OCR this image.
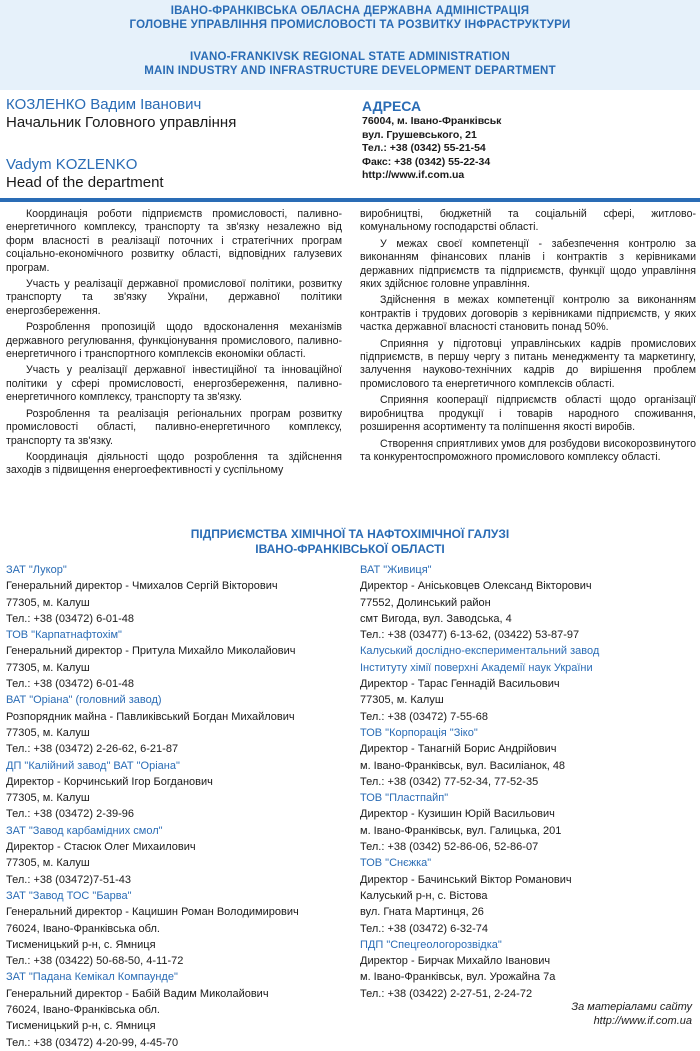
ІВАНО-ФРАНКІВСЬКА ОБЛАСНА ДЕРЖАВНА АДМІНІСТРАЦІЯ
ГОЛОВНЕ УПРАВЛІННЯ ПРОМИСЛОВОСТІ ТА РОЗВИТКУ ІНФРАСТРУКТУРИ
IVANO-FRANKIVSK REGIONAL STATE ADMINISTRATION
MAIN INDUSTRY AND INFRASTRUCTURE DEVELOPMENT DEPARTMENT
КОЗЛЕНКО Вадим Іванович
Начальник Головного управління
Vadym KOZLENKO
Head of the department
АДРЕСА
76004, м. Івано-Франківськ
вул. Грушевського, 21
Тел.: +38 (0342) 55-21-54
Факс: +38 (0342) 55-22-34
http://www.if.com.ua

Координація роботи підприємств промисловості, паливно-енергетичного комплексу, транспорту та зв'язку незалежно від форм власності в реалізації поточних і стратегічних програм соціально-економічного розвитку області, відповідних галузевих програм.

Участь у реалізації державної промислової політики, розвитку транспорту та зв'язку України, державної політики енергозбереження.

Розроблення пропозицій щодо вдосконалення механізмів державного регулювання, функціонування промислового, паливно-енергетичного і транспортного комплексів економіки області.

Участь у реалізації державної інвестиційної та інноваційної політики у сфері промисловості, енергозбереження, паливно-енергетичного комплексу, транспорту та зв'язку.

Розроблення та реалізація регіональних програм розвитку промисловості області, паливно-енергетичного комплексу, транспорту та зв'язку.

Координація діяльності щодо розроблення та здійснення заходів з підвищення енергоефективності у суспільному

виробництві, бюджетній та соціальній сфері, житлово-комунальному господарстві області.

У межах своєї компетенції - забезпечення контролю за виконанням фінансових планів і контрактів з керівниками державних підприємств та підприємств, функції щодо управління яких здійснює головне управління.

Здійснення в межах компетенції контролю за виконанням контрактів і трудових договорів з керівниками підприємств, у яких частка державної власності становить понад 50%.

Сприяння у підготовці управлінських кадрів промислових підприємств, в першу чергу з питань менеджменту та маркетингу, залучення науково-технічних кадрів до вирішення проблем промислового та енергетичного комплексів області.

Сприяння кооперації підприємств області щодо організації виробництва продукції і товарів народного споживання, розширення асортименту та поліпшення якості виробів.

Створення сприятливих умов для розбудови високорозвинутого та конкурентоспроможного промислового комплексу області.

ПІДПРИЄМСТВА ХІМІЧНОЇ ТА НАФТОХІМІЧНОЇ ГАЛУЗІ
ІВАНО-ФРАНКІВСЬКОЇ ОБЛАСТІ
ЗАТ "Лукор"
Генеральний директор - Чмихалов Сергій Вікторович
77305, м. Калуш
Тел.: +38 (03472) 6-01-48
ТОВ "Карпатнафтохім"
Генеральний директор - Притула Михайло Миколайович
77305, м. Калуш
Тел.: +38 (03472) 6-01-48
ВАТ "Оріана" (головний завод)
Розпорядник майна - Павликівський Богдан Михайлович
77305, м. Калуш
Тел.: +38 (03472) 2-26-62, 6-21-87
ДП "Калійний завод" ВАТ "Оріана"
Директор - Корчинський Ігор Богданович
77305, м. Калуш
Тел.: +38 (03472) 2-39-96
ЗАТ "Завод карбамідних смол"
Директор - Стасюк Олег Михаилович
77305, м. Калуш
Тел.: +38 (03472)7-51-43
ЗАТ "Завод ТОС "Барва"
Генеральний директор - Кацишин Роман Володимирович
76024, Івано-Франківська обл.
Тисменицький р-н, с. Ямниця
Тел.: +38 (03422) 50-68-50, 4-11-72
ЗАТ "Падана Кемікал Компаунде"
Генеральний директор - Бабій Вадим Миколайович
76024, Івано-Франківська обл.
Тисменицький р-н, с. Ямниця
Тел.: +38 (03472) 4-20-99, 4-45-70
ВАТ "Живиця"
Директор - Аніськовцев Олександ Вікторович
77552, Долинський район
смт Вигода, вул. Заводська, 4
Тел.: +38 (03477) 6-13-62, (03422) 53-87-97
Калуський дослідно-експериментальний завод
Інституту хімії поверхні Академії наук України
Директор - Тарас Геннадій Васильович
77305, м. Калуш
Тел.: +38 (03472) 7-55-68
ТОВ "Корпорація "Зіко"
Директор - Танагній Борис Андрійович
м. Івано-Франківськ, вул. Василіанок, 48
Тел.: +38 (0342) 77-52-34, 77-52-35
ТОВ "Пластпайп"
Директор - Кузишин Юрій Васильович
м. Івано-Франківськ, вул. Галицька, 201
Тел.: +38 (0342) 52-86-06, 52-86-07
ТОВ "Снєжка"
Директор - Бачинський Віктор Романович
Калуський р-н, с. Вістова
вул. Гната Мартинця, 26
Тел.: +38 (03472) 6-32-74
ПДП "Спецгеологорозвідка"
Директор - Бирчак Михайло Іванович
м. Івано-Франківськ, вул. Урожайна 7а
Тел.: +38 (03422) 2-27-51, 2-24-72
За матеріалами сайту
http://www.if.com.ua
